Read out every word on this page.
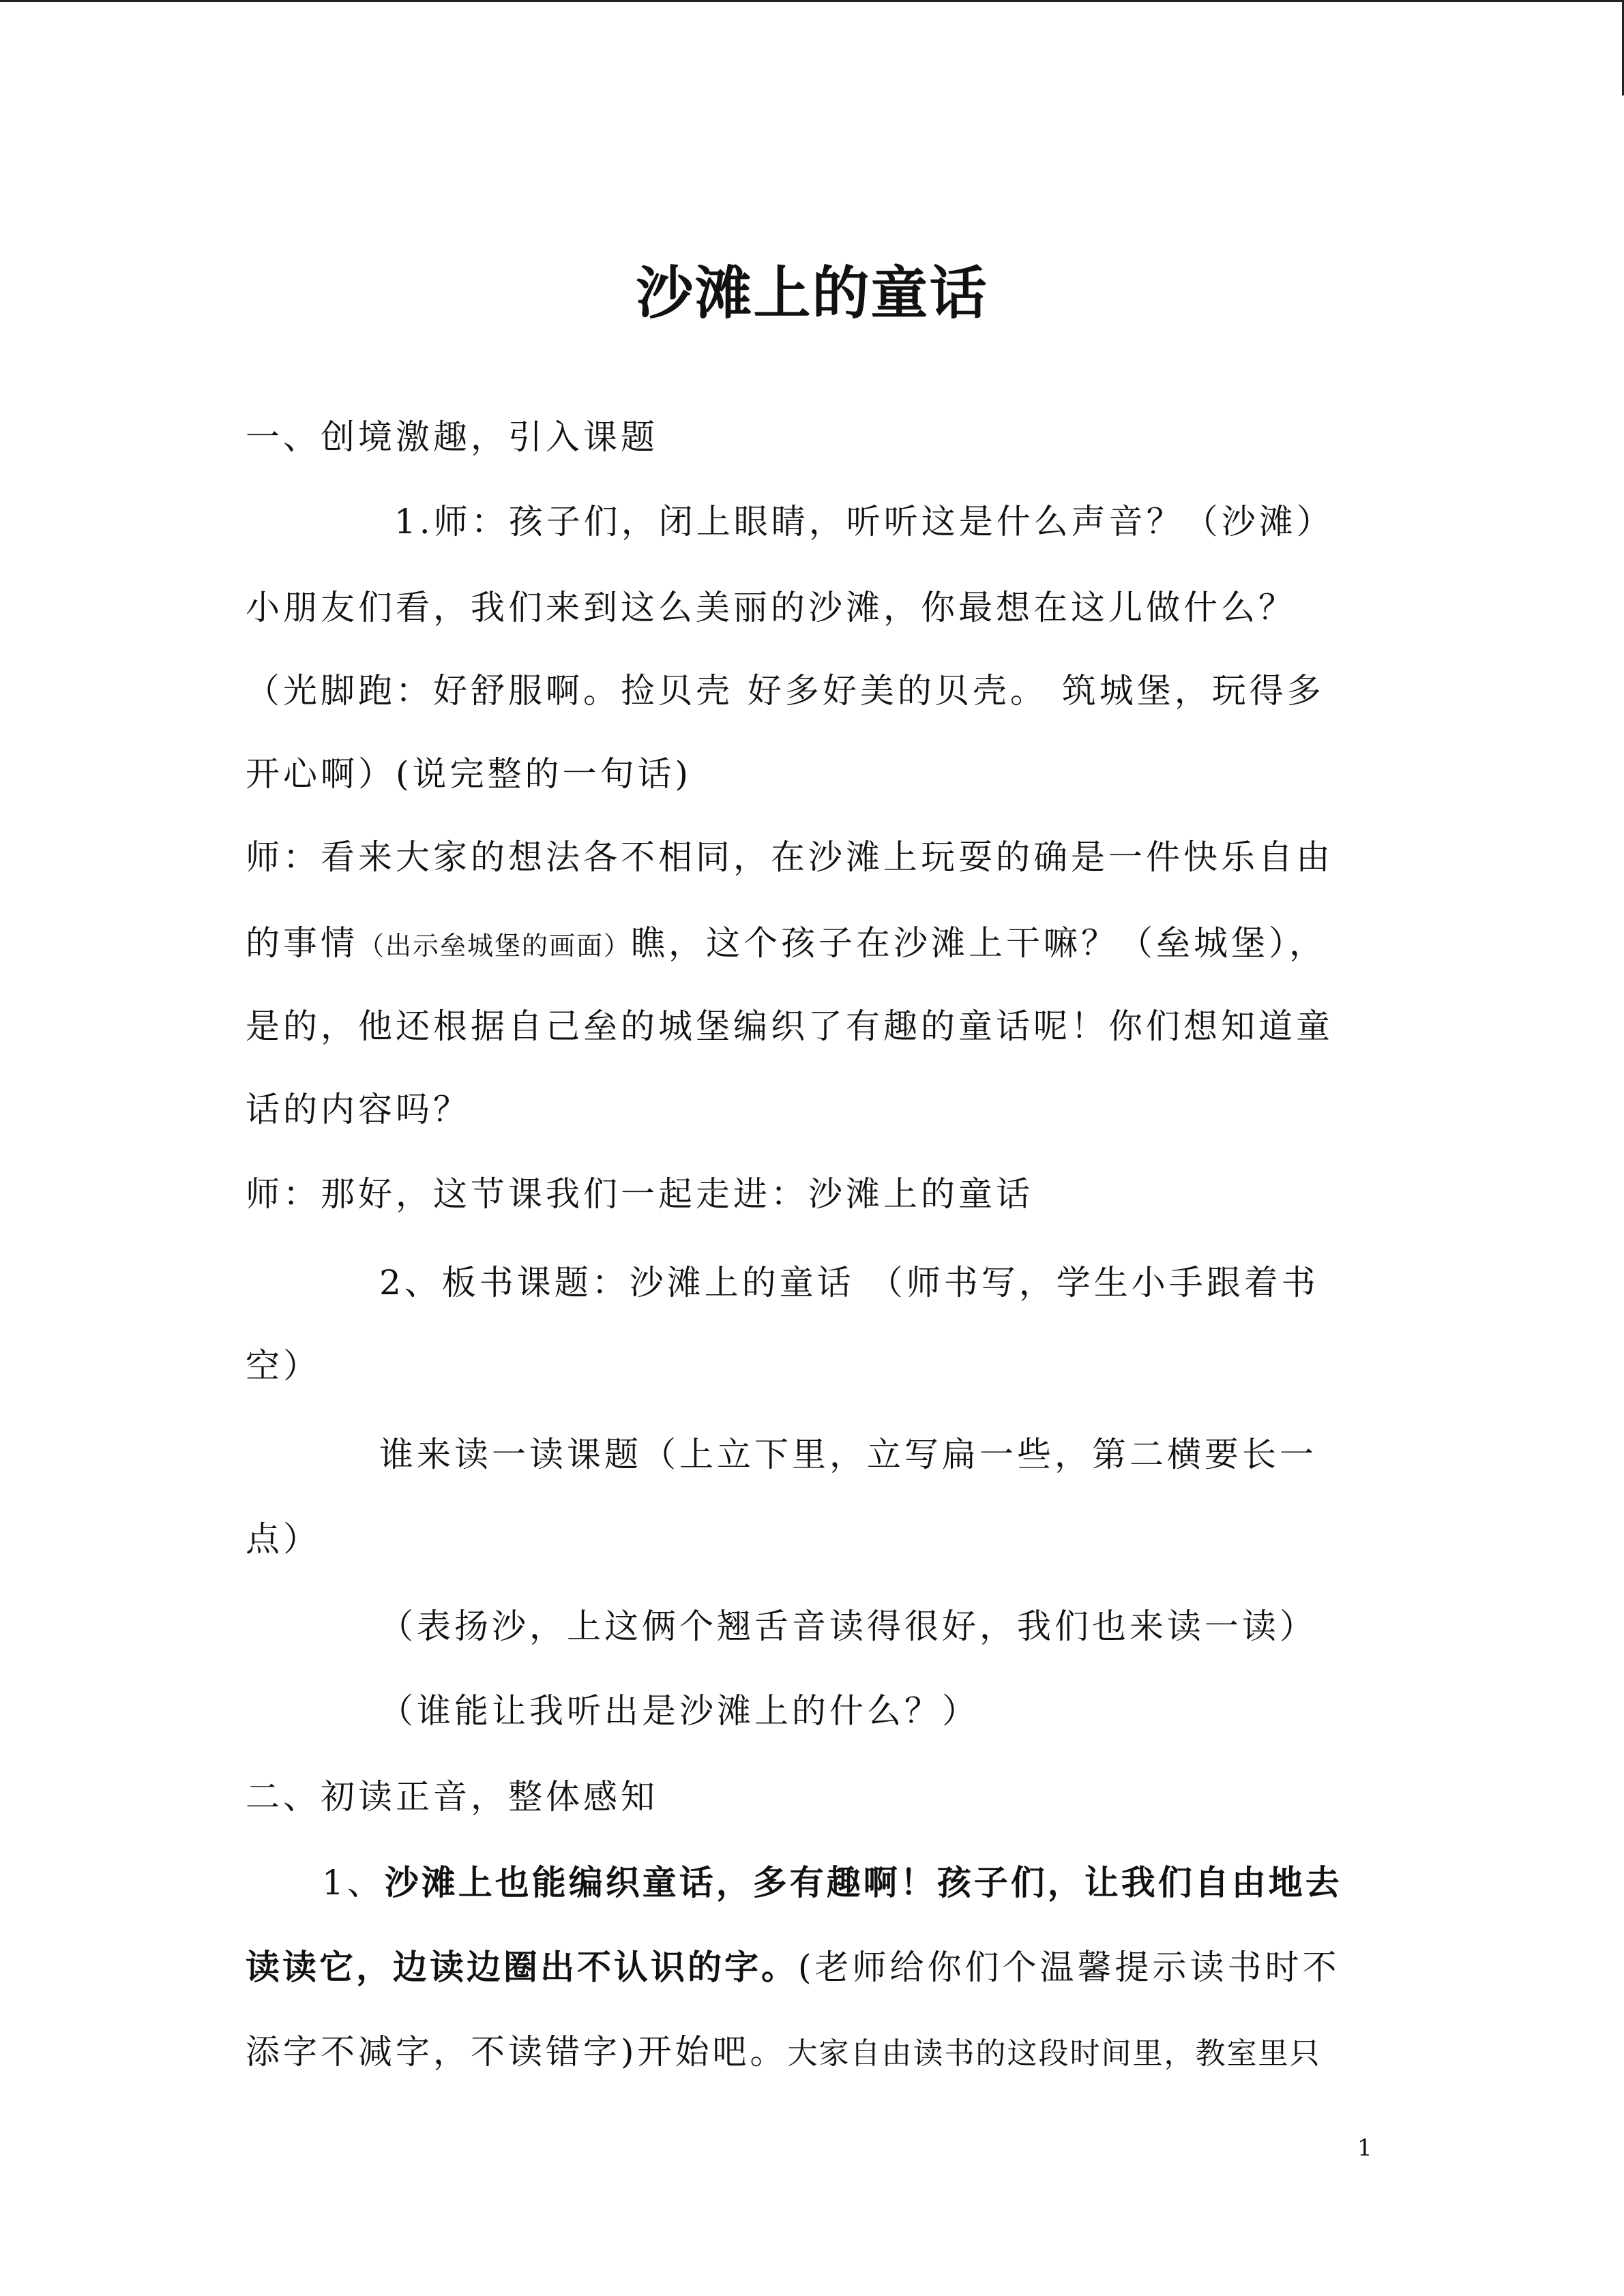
沙滩上的童话
一、创境激趣，引入课题
1.师：孩子们，闭上眼睛，听听这是什么声音？（沙滩）
小朋友们看，我们来到这么美丽的沙滩，你最想在这儿做什么？
（光脚跑：好舒服啊。捡贝壳 好多好美的贝壳。 筑城堡，玩得多
开心啊）(说完整的一句话)
师：看来大家的想法各不相同，在沙滩上玩耍的确是一件快乐自由
的事情（出示垒城堡的画面）瞧，这个孩子在沙滩上干嘛？（垒城堡），
是的，他还根据自己垒的城堡编织了有趣的童话呢！你们想知道童
话的内容吗？
师：那好，这节课我们一起走进：沙滩上的童话
2、板书课题：沙滩上的童话 （师书写，学生小手跟着书
空）
谁来读一读课题（上立下里，立写扁一些，第二横要长一
点）
（表扬沙，上这俩个翘舌音读得很好，我们也来读一读）
（谁能让我听出是沙滩上的什么？）
二、初读正音，整体感知
1、沙滩上也能编织童话，多有趣啊！孩子们，让我们自由地去
读读它，边读边圈出不认识的字。(老师给你们个温馨提示读书时不
添字不减字，不读错字)开始吧。大家自由读书的这段时间里，教室里只
1
